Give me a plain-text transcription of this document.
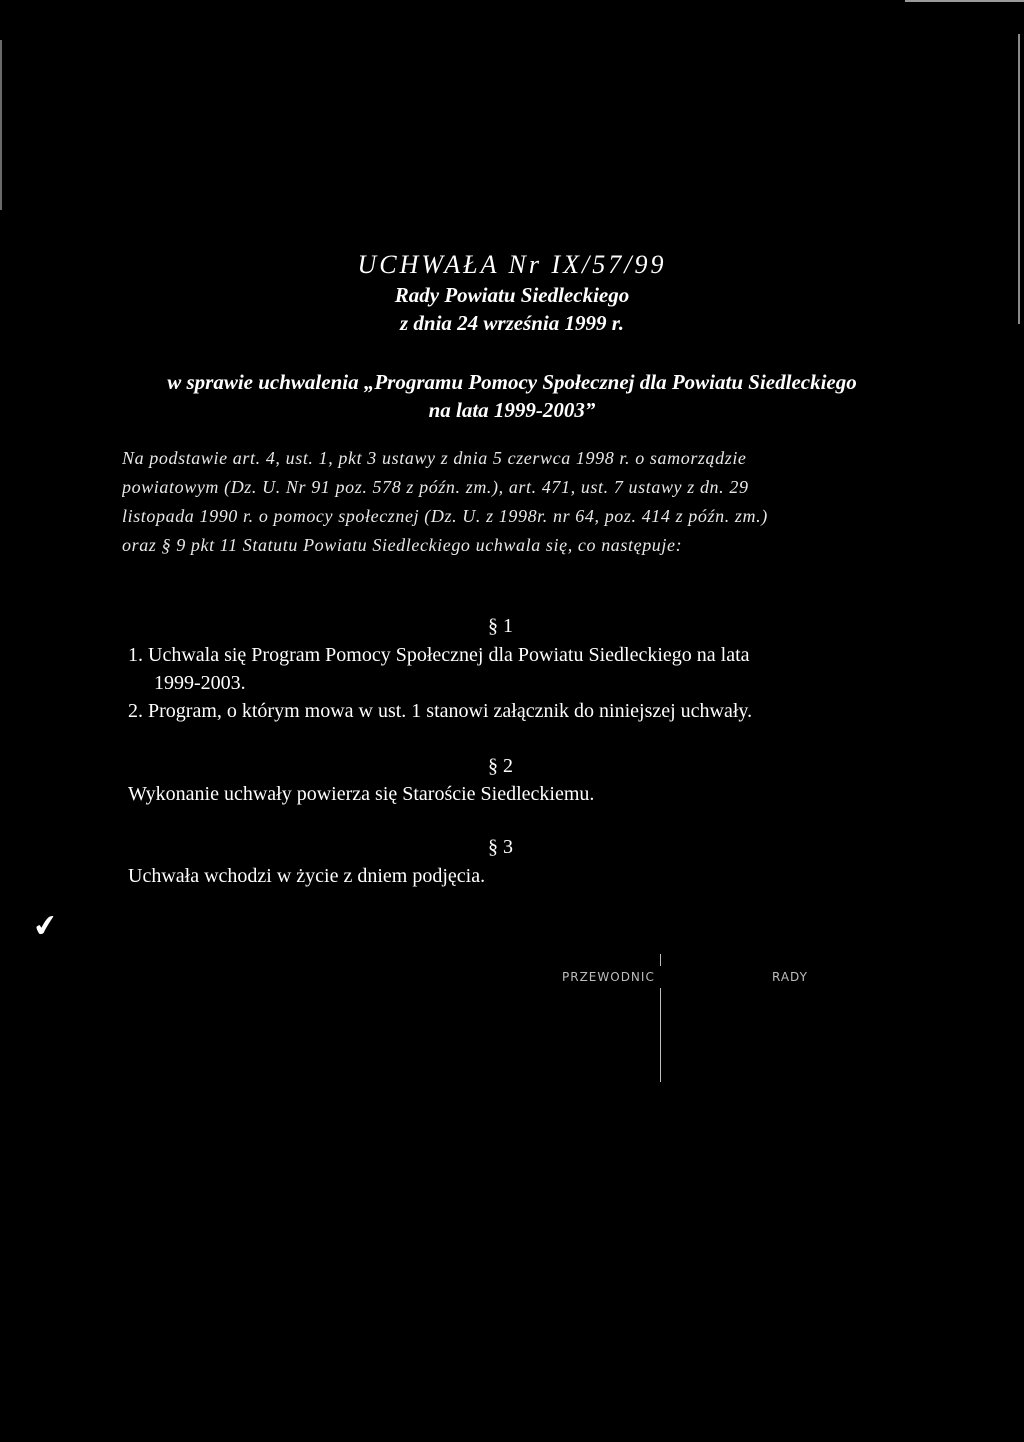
UCHWAŁA Nr IX/57/99
Rady Powiatu Siedleckiego
z dnia 24 września 1999 r.
w sprawie uchwalenia „Programu Pomocy Społecznej dla Powiatu Siedleckiego
na lata 1999-2003”
Na podstawie art. 4, ust. 1, pkt 3 ustawy z dnia 5 czerwca 1998 r. o samorządzie
powiatowym (Dz. U. Nr 91 poz. 578 z późn. zm.), art. 471, ust. 7 ustawy z dn. 29
listopada 1990 r. o pomocy społecznej (Dz. U. z 1998r. nr 64, poz. 414 z późn. zm.)
oraz § 9 pkt 11 Statutu Powiatu Siedleckiego uchwala się, co następuje:
§ 1
1. Uchwala się Program Pomocy Społecznej dla Powiatu Siedleckiego na lata
1999-2003.
2. Program, o którym mowa w ust. 1 stanowi załącznik do niniejszej uchwały.
§ 2
Wykonanie uchwały powierza się Staroście Siedleckiemu.
§ 3
Uchwała wchodzi w życie z dniem podjęcia.
✔
PRZEWODNIC	RADY
